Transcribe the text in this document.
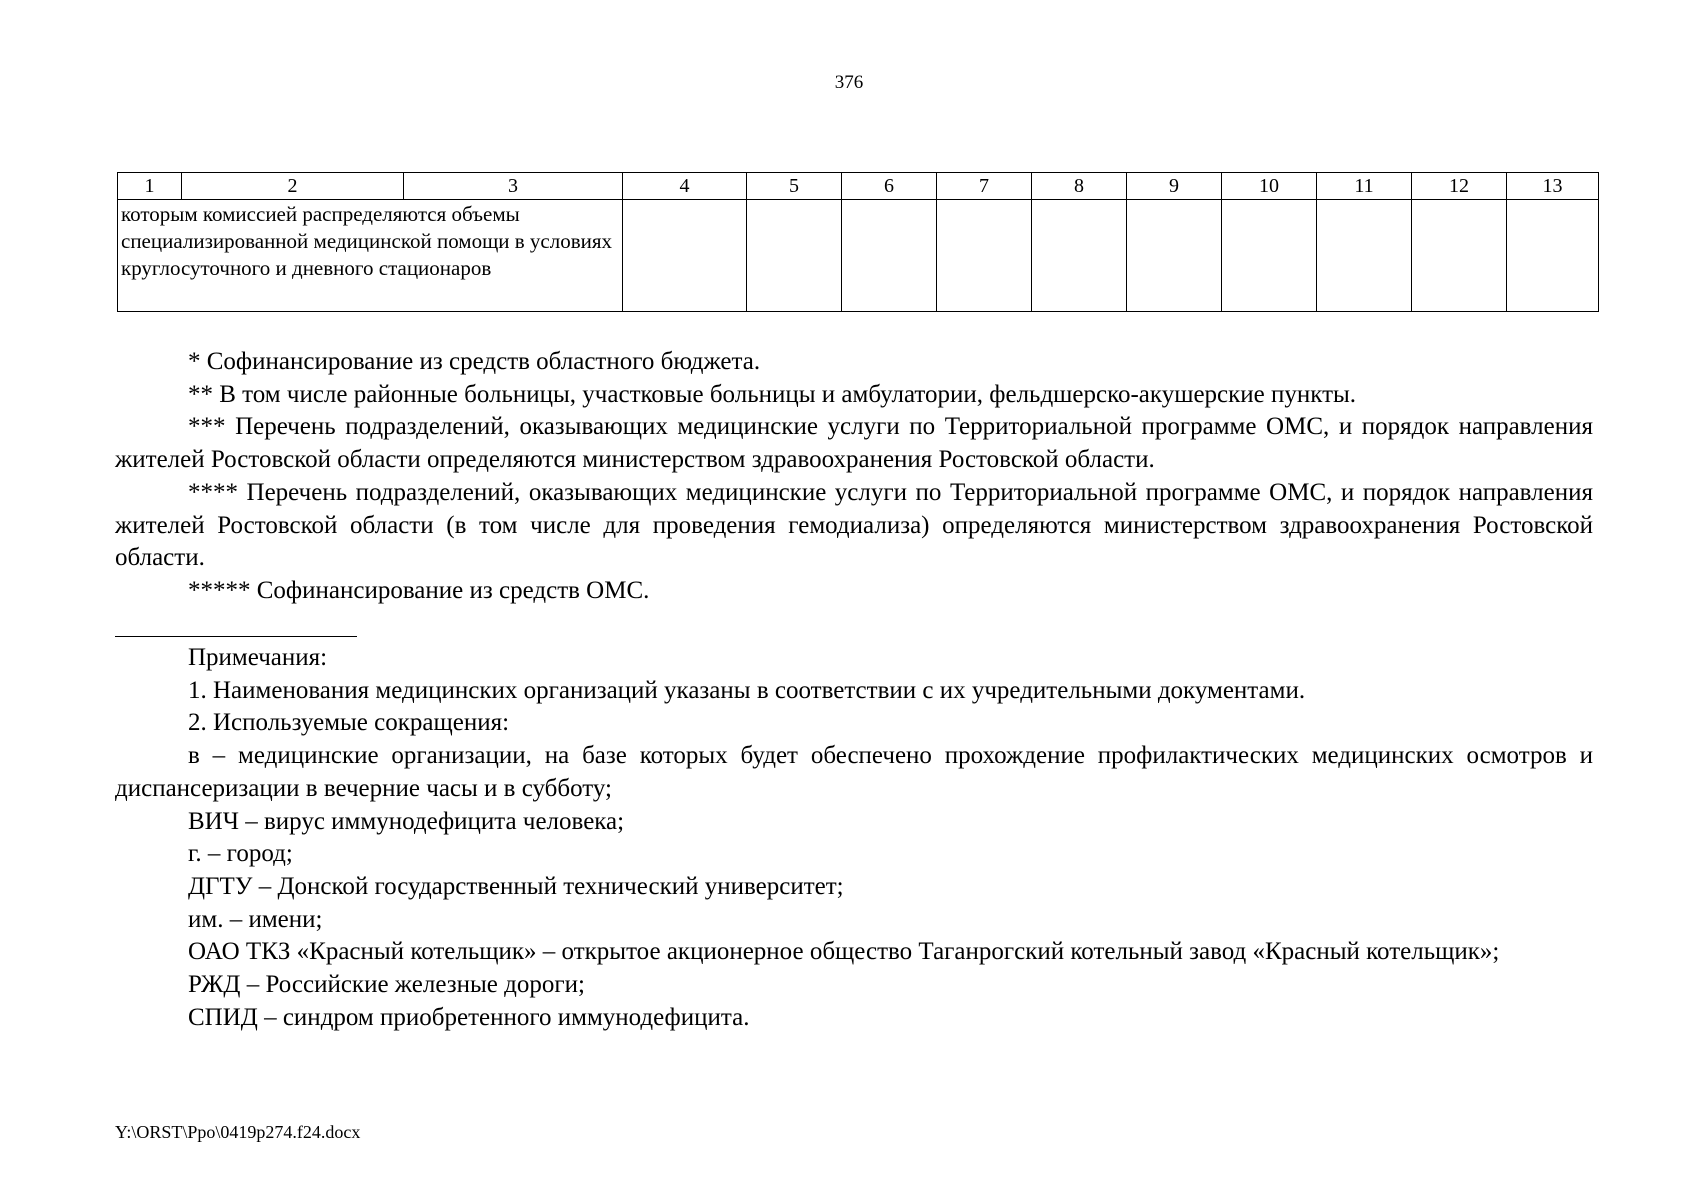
376
1	2	3	4	5	6	7	8	9	10	11	12	13
которым комиссией распределяются объемы специализированной медицинской помощи в условиях круглосуточного и дневного стационаров												

* Софинансирование из средств областного бюджета.

** В том числе районные больницы, участковые больницы и амбулатории, фельдшерско-акушерские пункты.

*** Перечень подразделений, оказывающих медицинские услуги по Территориальной программе ОМС, и порядок направления жителей Ростовской области определяются министерством здравоохранения Ростовской области.

**** Перечень подразделений, оказывающих медицинские услуги по Территориальной программе ОМС, и порядок направления жителей Ростовской области (в том числе для проведения гемодиализа) определяются министерством здравоохранения Ростовской области.

***** Софинансирование из средств ОМС.

Примечания:

1. Наименования медицинских организаций указаны в соответствии с их учредительными документами.

2. Используемые сокращения:

в – медицинские организации, на базе которых будет обеспечено прохождение профилактических медицинских осмотров и диспансеризации в вечерние часы и в субботу;

ВИЧ – вирус иммунодефицита человека;

г. – город;

ДГТУ – Донской государственный технический университет;

им. – имени;

ОАО ТКЗ «Красный котельщик» – открытое акционерное общество Таганрогский котельный завод «Красный котельщик»;

РЖД – Российские железные дороги;

СПИД – синдром приобретенного иммунодефицита.

Y:\ORST\Ppo\0419p274.f24.docx
